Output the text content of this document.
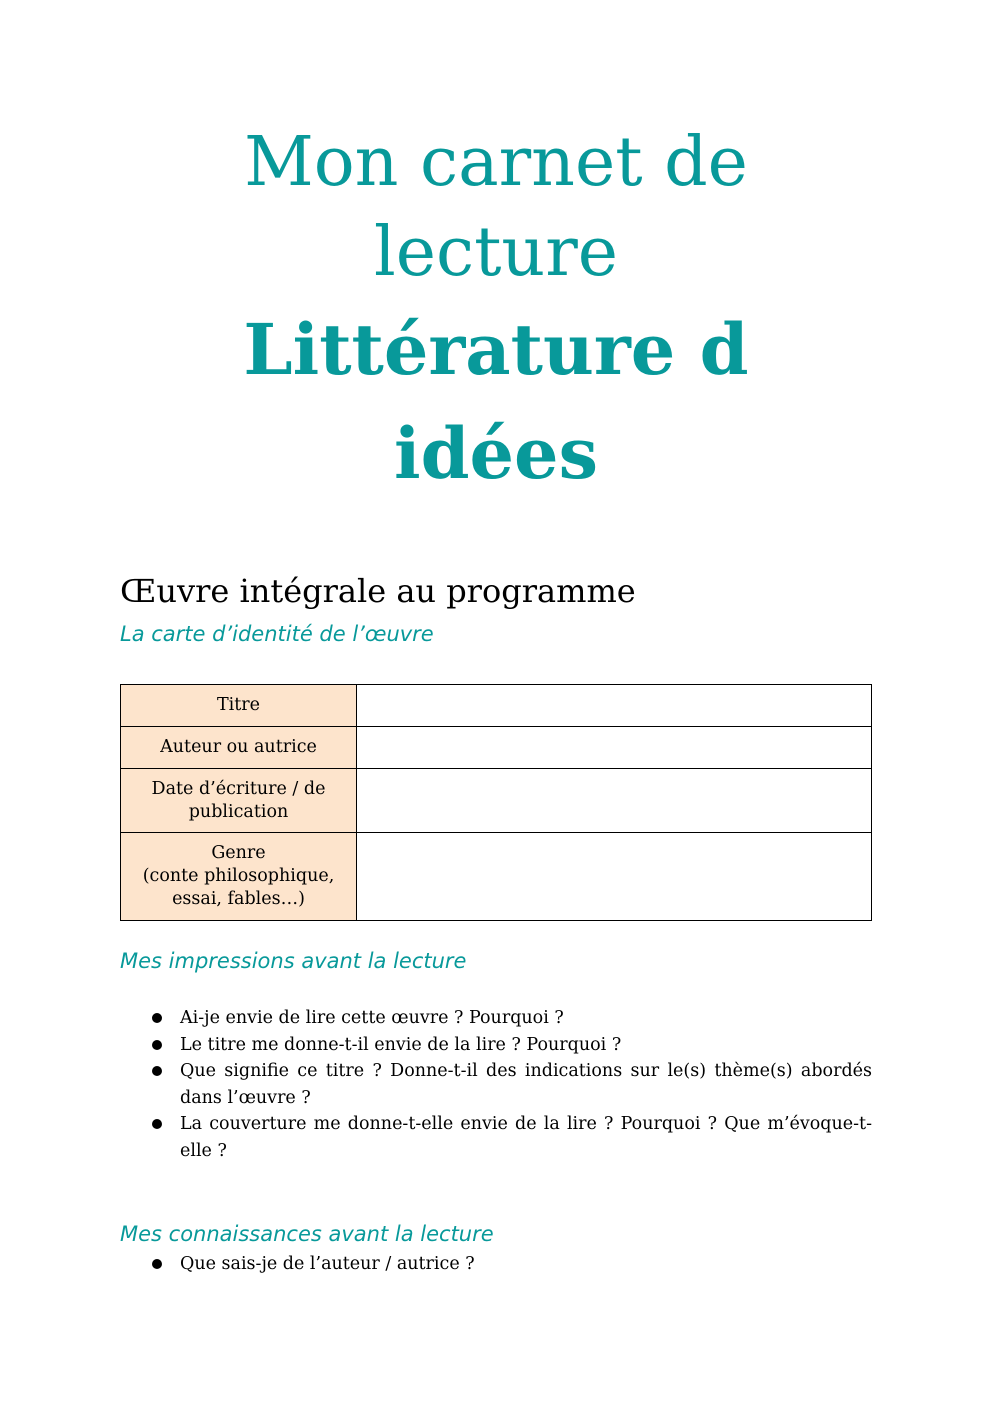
Mon carnet de
lecture
Littérature d
idées
Œuvre intégrale au programme
La carte d’identité de l’œuvre
Titre	

Auteur ou autrice	

Date d’écriture / de
publication	

Genre
(conte philosophique,
essai, fables…)	

Mes impressions avant la lecture
Ai-je envie de lire cette œuvre ? Pourquoi ?
Le titre me donne-t-il envie de la lire ? Pourquoi ?
Que signifie ce titre ? Donne-t-il des indications sur le(s) thème(s) abordés dans l’œuvre ?
La couverture me donne-t-elle envie de la lire ? Pourquoi ? Que m’évoque-t-elle ?
Mes connaissances avant la lecture
Que sais-je de l’auteur / autrice ?
